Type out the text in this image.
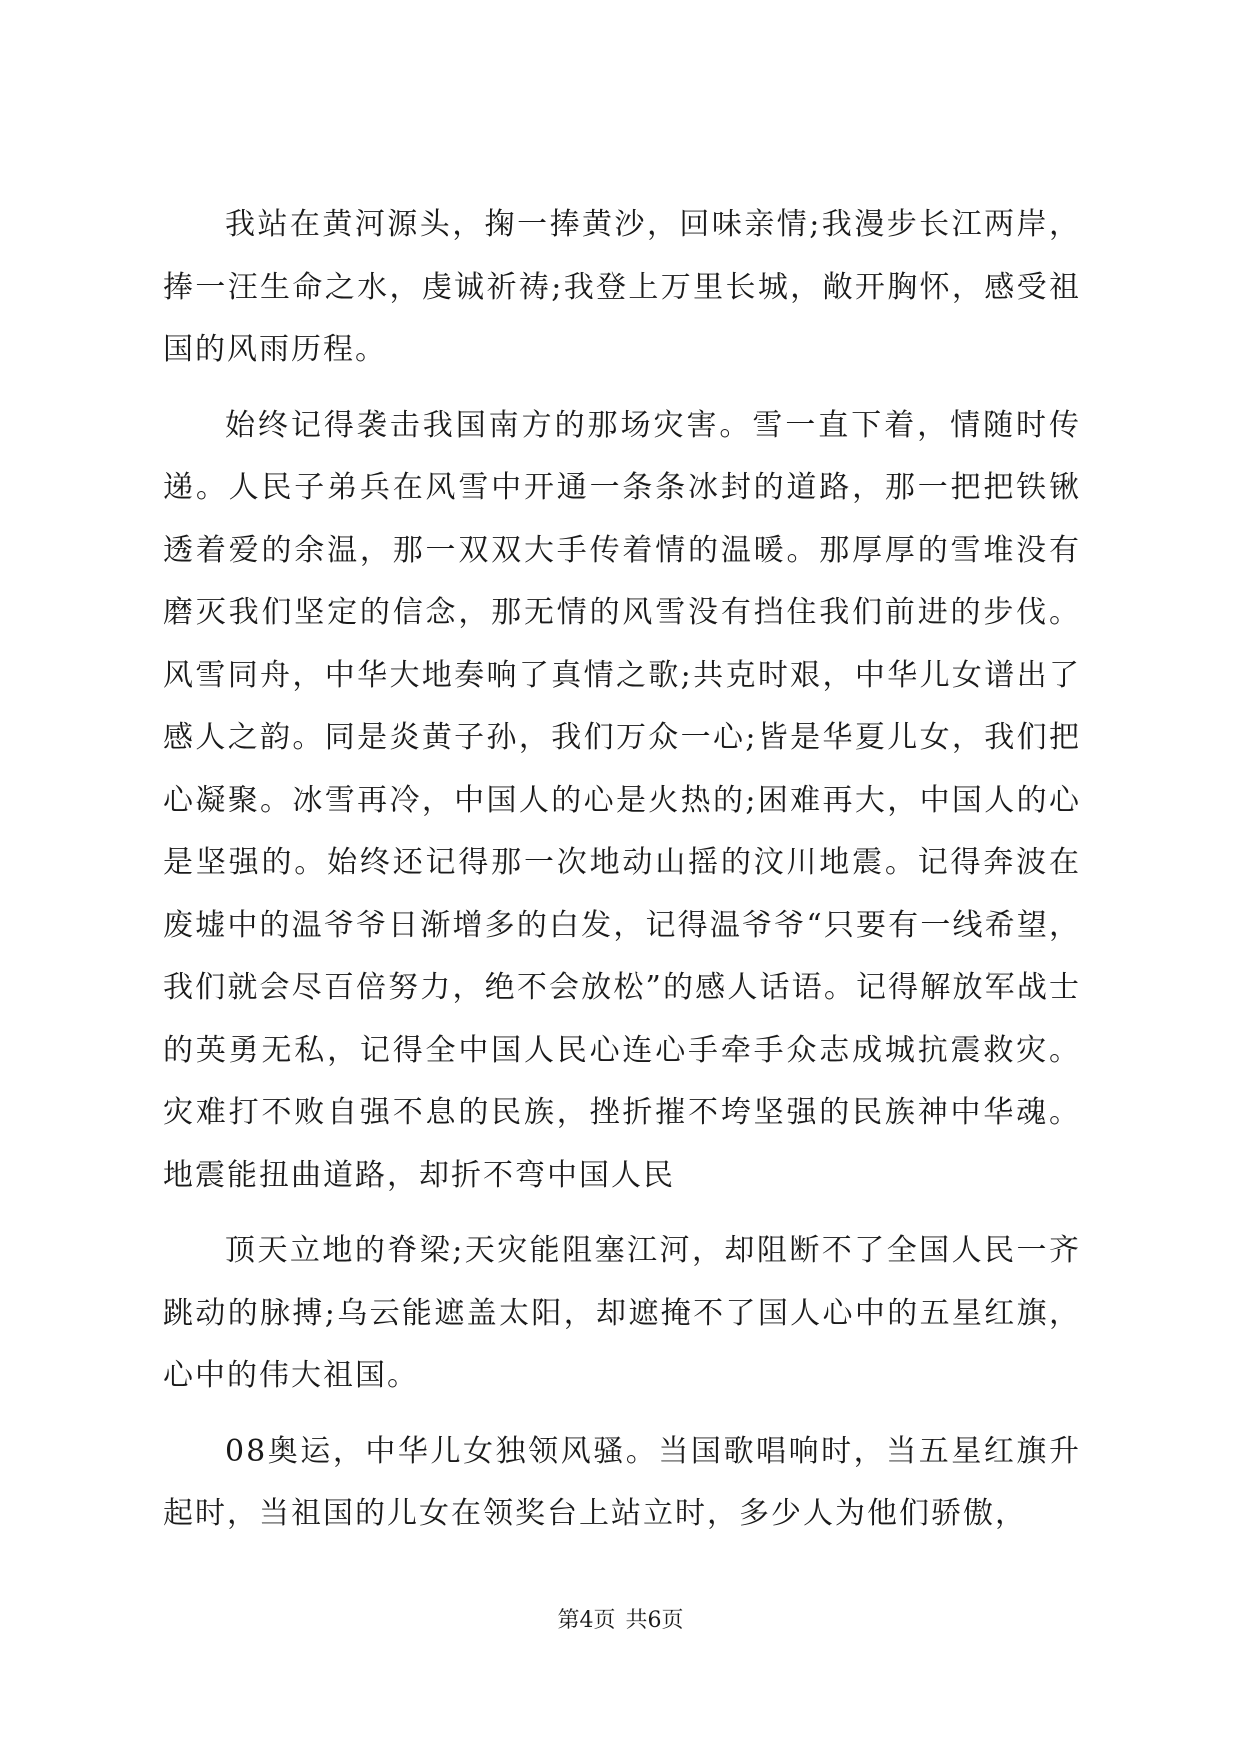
我站在黄河源头，掬一捧黄沙，回味亲情;我漫步长江两岸，捧一汪生命之水，虔诚祈祷;我登上万里长城，敞开胸怀，感受祖国的风雨历程。

始终记得袭击我国南方的那场灾害。雪一直下着，情随时传递。人民子弟兵在风雪中开通一条条冰封的道路，那一把把铁锹透着爱的余温，那一双双大手传着情的温暖。那厚厚的雪堆没有磨灭我们坚定的信念，那无情的风雪没有挡住我们前进的步伐。风雪同舟，中华大地奏响了真情之歌;共克时艰，中华儿女谱出了感人之韵。同是炎黄子孙，我们万众一心;皆是华夏儿女，我们把心凝聚。冰雪再冷，中国人的心是火热的;困难再大，中国人的心是坚强的。始终还记得那一次地动山摇的汶川地震。记得奔波在废墟中的温爷爷日渐增多的白发，记得温爷爷“只要有一线希望，我们就会尽百倍努力，绝不会放松”的感人话语。记得解放军战士的英勇无私，记得全中国人民心连心手牵手众志成城抗震救灾。灾难打不败自强不息的民族，挫折摧不垮坚强的民族神中华魂。地震能扭曲道路，却折不弯中国人民

顶天立地的脊梁;天灾能阻塞江河，却阻断不了全国人民一齐跳动的脉搏;乌云能遮盖太阳，却遮掩不了国人心中的五星红旗，心中的伟大祖国。

08奥运，中华儿女独领风骚。当国歌唱响时，当五星红旗升起时，当祖国的儿女在领奖台上站立时，多少人为他们骄傲，

第4页 共6页
